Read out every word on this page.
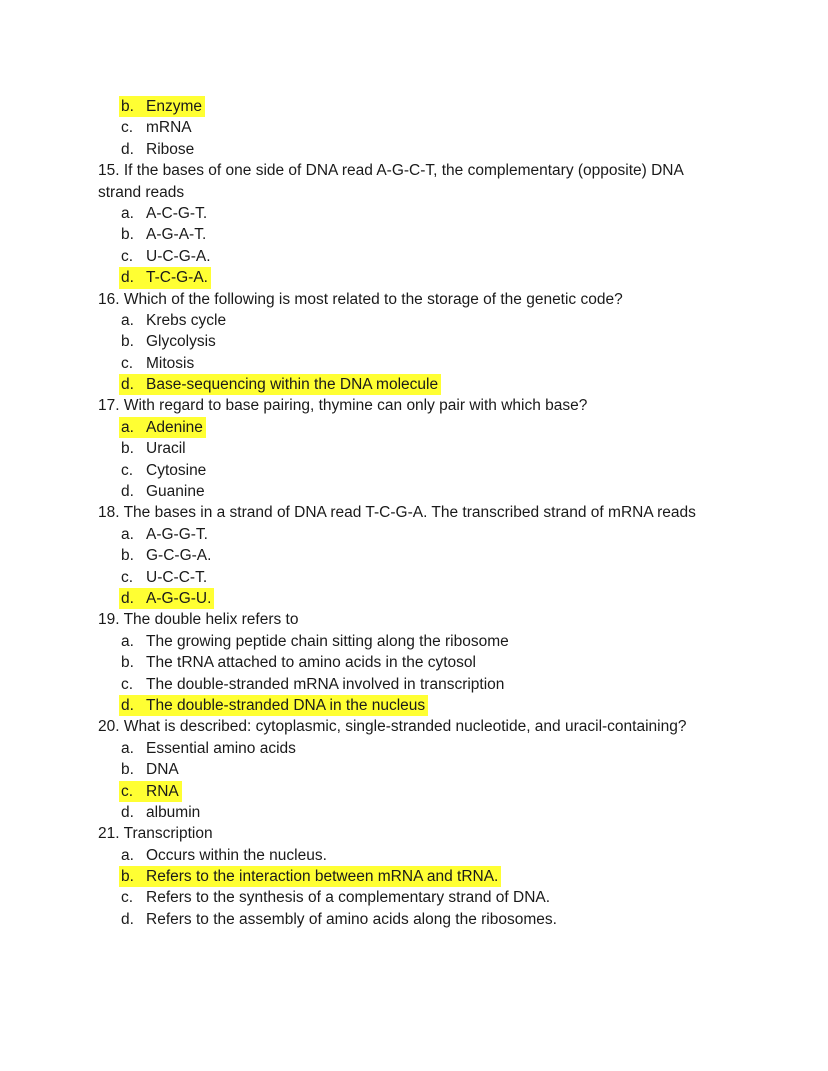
b. Enzyme
c. mRNA
d. Ribose
15. If the bases of one side of DNA read A-G-C-T, the complementary (opposite) DNA
strand reads
a. A-C-G-T.
b. A-G-A-T.
c. U-C-G-A.
d. T-C-G-A.
16. Which of the following is most related to the storage of the genetic code?
a. Krebs cycle
b. Glycolysis
c. Mitosis
d. Base-sequencing within the DNA molecule
17. With regard to base pairing, thymine can only pair with which base?
a. Adenine
b. Uracil
c. Cytosine
d. Guanine
18. The bases in a strand of DNA read T-C-G-A. The transcribed strand of mRNA reads
a. A-G-G-T.
b. G-C-G-A.
c. U-C-C-T.
d. A-G-G-U.
19. The double helix refers to
a. The growing peptide chain sitting along the ribosome
b. The tRNA attached to amino acids in the cytosol
c. The double-stranded mRNA involved in transcription
d. The double-stranded DNA in the nucleus
20. What is described: cytoplasmic, single-stranded nucleotide, and uracil-containing?
a. Essential amino acids
b. DNA
c. RNA
d. albumin
21. Transcription
a. Occurs within the nucleus.
b. Refers to the interaction between mRNA and tRNA.
c. Refers to the synthesis of a complementary strand of DNA.
d. Refers to the assembly of amino acids along the ribosomes.
